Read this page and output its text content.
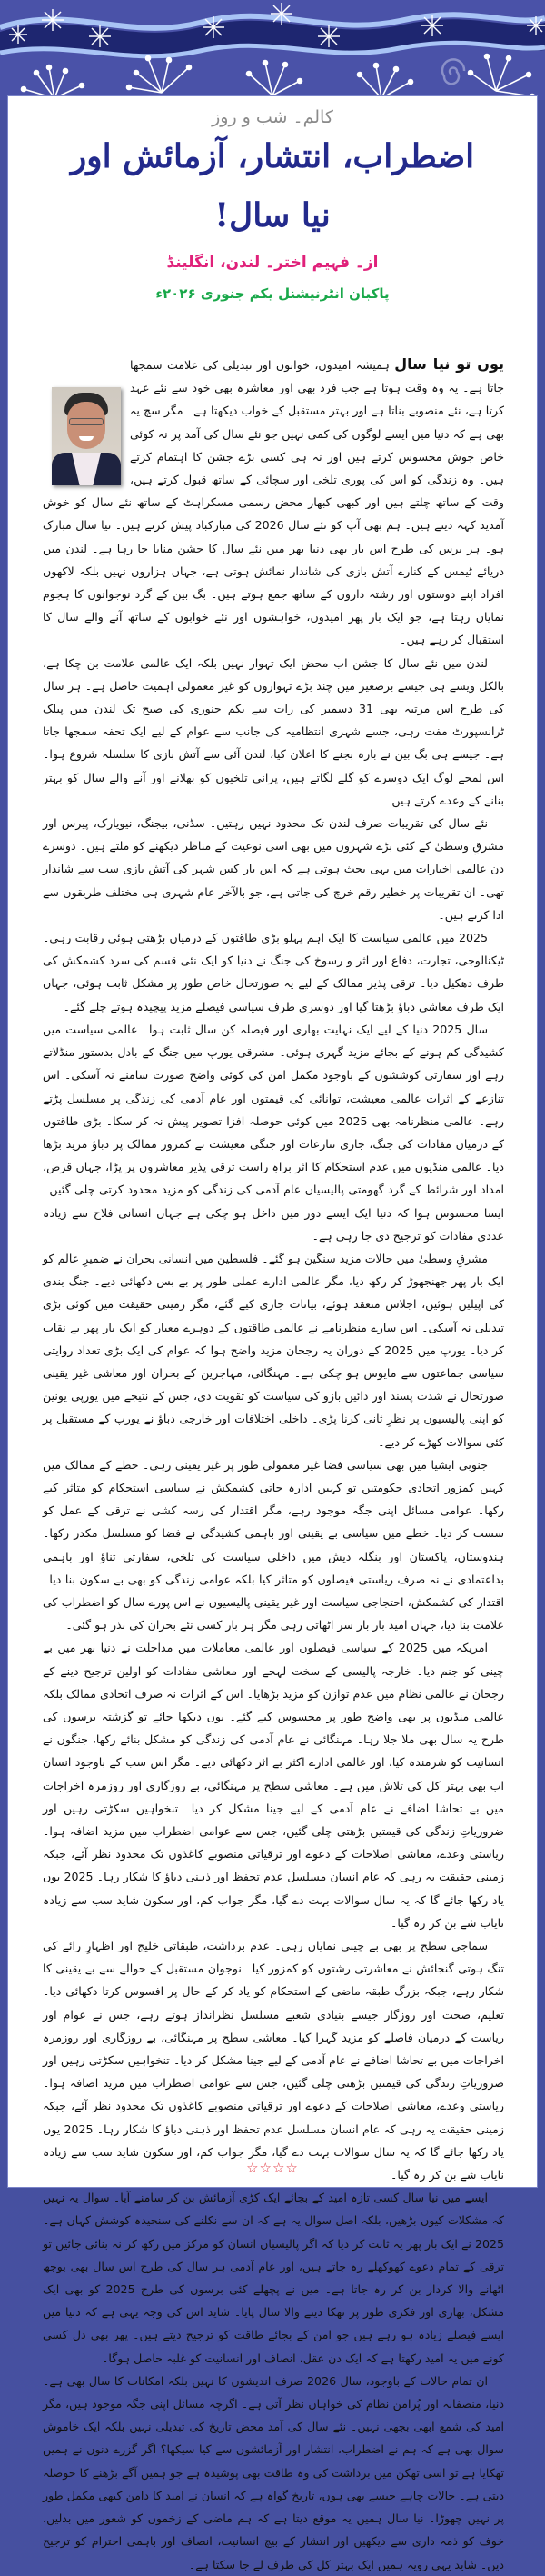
کالم۔ شب و روز
اضطراب، انتشار، آزمائش اور
نیا سال!
از۔ فہیم اختر۔ لندن، انگلینڈ
پاکبان انٹرنیشنل یکم جنوری ۲۰۲۶ء

یوں تو نیا سال ہمیشہ امیدوں، خوابوں اور تبدیلی کی علامت سمجھا جاتا ہے۔ یہ وہ وقت ہوتا ہے جب فرد بھی اور معاشرہ بھی خود سے نئے عہد کرتا ہے، نئے منصوبے بناتا ہے اور بہتر مستقبل کے خواب دیکھتا ہے۔ مگر سچ یہ بھی ہے کہ دنیا میں ایسے لوگوں کی کمی نہیں جو نئے سال کی آمد پر نہ کوئی خاص جوش محسوس کرتے ہیں اور نہ ہی کسی بڑے جشن کا اہتمام کرتے ہیں۔ وہ زندگی کو اس کی پوری تلخی اور سچائی کے ساتھ قبول کرتے ہیں، وقت کے ساتھ چلتے ہیں اور کبھی کبھار محض رسمی مسکراہٹ کے ساتھ نئے سال کو خوش آمدید کہہ دیتے ہیں۔ ہم بھی آپ کو نئے سال 2026 کی مبارکباد پیش کرتے ہیں۔ نیا سال مبارک ہو۔ ہر برس کی طرح اس بار بھی دنیا بھر میں نئے سال کا جشن منایا جا رہا ہے۔ لندن میں دریائے ٹیمس کے کنارے آتش بازی کی شاندار نمائش ہوتی ہے، جہاں ہزاروں نہیں بلکہ لاکھوں افراد اپنے دوستوں اور رشتہ داروں کے ساتھ جمع ہوتے ہیں۔ بگ بین کے گرد نوجوانوں کا ہجوم نمایاں رہتا ہے، جو ایک بار پھر امیدوں، خواہشوں اور نئے خوابوں کے ساتھ آنے والے سال کا استقبال کر رہے ہیں۔

لندن میں نئے سال کا جشن اب محض ایک تہوار نہیں بلکہ ایک عالمی علامت بن چکا ہے، بالکل ویسے ہی جیسے برصغیر میں چند بڑے تہواروں کو غیر معمولی اہمیت حاصل ہے۔ ہر سال کی طرح اس مرتبہ بھی 31 دسمبر کی رات سے یکم جنوری کی صبح تک لندن میں پبلک ٹرانسپورٹ مفت رہی، جسے شہری انتظامیہ کی جانب سے عوام کے لیے ایک تحفہ سمجھا جاتا ہے۔ جیسے ہی بگ بین نے بارہ بجنے کا اعلان کیا، لندن آئی سے آتش بازی کا سلسلہ شروع ہوا۔ اس لمحے لوگ ایک دوسرے کو گلے لگاتے ہیں، پرانی تلخیوں کو بھلانے اور آنے والے سال کو بہتر بنانے کے وعدے کرتے ہیں۔

نئے سال کی تقریبات صرف لندن تک محدود نہیں رہتیں۔ سڈنی، بیجنگ، نیویارک، پیرس اور مشرقِ وسطیٰ کے کئی بڑے شہروں میں بھی اسی نوعیت کے مناظر دیکھنے کو ملتے ہیں۔ دوسرے دن عالمی اخبارات میں یہی بحث ہوتی ہے کہ اس بار کس شہر کی آتش بازی سب سے شاندار تھی۔ ان تقریبات پر خطیر رقم خرچ کی جاتی ہے، جو بالآخر عام شہری ہی مختلف طریقوں سے ادا کرتے ہیں۔

2025 میں عالمی سیاست کا ایک اہم پہلو بڑی طاقتوں کے درمیان بڑھتی ہوئی رقابت رہی۔ ٹیکنالوجی، تجارت، دفاع اور اثر و رسوخ کی جنگ نے دنیا کو ایک نئی قسم کی سرد کشمکش کی طرف دھکیل دیا۔ ترقی پذیر ممالک کے لیے یہ صورتحال خاص طور پر مشکل ثابت ہوئی، جہاں ایک طرف معاشی دباؤ بڑھتا گیا اور دوسری طرف سیاسی فیصلے مزید پیچیدہ ہوتے چلے گئے۔

سال 2025 دنیا کے لیے ایک نہایت بھاری اور فیصلہ کن سال ثابت ہوا۔ عالمی سیاست میں کشیدگی کم ہونے کے بجائے مزید گہری ہوئی۔ مشرقی یورپ میں جنگ کے بادل بدستور منڈلاتے رہے اور سفارتی کوششوں کے باوجود مکمل امن کی کوئی واضح صورت سامنے نہ آسکی۔ اس تنازعے کے اثرات عالمی معیشت، توانائی کی قیمتوں اور عام آدمی کی زندگی پر مسلسل پڑتے رہے۔ عالمی منظرنامہ بھی 2025 میں کوئی حوصلہ افزا تصویر پیش نہ کر سکا۔ بڑی طاقتوں کے درمیان مفادات کی جنگ، جاری تنازعات اور جنگی معیشت نے کمزور ممالک پر دباؤ مزید بڑھا دیا۔ عالمی منڈیوں میں عدم استحکام کا اثر براہِ راست ترقی پذیر معاشروں پر پڑا، جہاں قرض، امداد اور شرائط کے گرد گھومتی پالیسیاں عام آدمی کی زندگی کو مزید محدود کرتی چلی گئیں۔ ایسا محسوس ہوا کہ دنیا ایک ایسے دور میں داخل ہو چکی ہے جہاں انسانی فلاح سے زیادہ عددی مفادات کو ترجیح دی جا رہی ہے۔

مشرقِ وسطیٰ میں حالات مزید سنگین ہو گئے۔ فلسطین میں انسانی بحران نے ضمیرِ عالم کو ایک بار پھر جھنجھوڑ کر رکھ دیا، مگر عالمی ادارے عملی طور پر بے بس دکھائی دیے۔ جنگ بندی کی اپیلیں ہوئیں، اجلاس منعقد ہوئے، بیانات جاری کیے گئے، مگر زمینی حقیقت میں کوئی بڑی تبدیلی نہ آسکی۔ اس سارے منظرنامے نے عالمی طاقتوں کے دوہرے معیار کو ایک بار پھر بے نقاب کر دیا۔ یورپ میں 2025 کے دوران یہ رجحان مزید واضح ہوا کہ عوام کی ایک بڑی تعداد روایتی سیاسی جماعتوں سے مایوس ہو چکی ہے۔ مہنگائی، مہاجرین کے بحران اور معاشی غیر یقینی صورتحال نے شدت پسند اور دائیں بازو کی سیاست کو تقویت دی، جس کے نتیجے میں یورپی یونین کو اپنی پالیسیوں پر نظرِ ثانی کرنا پڑی۔ داخلی اختلافات اور خارجی دباؤ نے یورپ کے مستقبل پر کئی سوالات کھڑے کر دیے۔

جنوبی ایشیا میں بھی سیاسی فضا غیر معمولی طور پر غیر یقینی رہی۔ خطے کے ممالک میں کہیں کمزور اتحادی حکومتیں تو کہیں ادارہ جاتی کشمکش نے سیاسی استحکام کو متاثر کیے رکھا۔ عوامی مسائل اپنی جگہ موجود رہے، مگر اقتدار کی رسہ کشی نے ترقی کے عمل کو سست کر دیا۔ خطے میں سیاسی بے یقینی اور باہمی کشیدگی نے فضا کو مسلسل مکدر رکھا۔ ہندوستان، پاکستان اور بنگلہ دیش میں داخلی سیاست کی تلخی، سفارتی تناؤ اور باہمی بداعتمادی نے نہ صرف ریاستی فیصلوں کو متاثر کیا بلکہ عوامی زندگی کو بھی بے سکون بنا دیا۔ اقتدار کی کشمکش، احتجاجی سیاست اور غیر یقینی پالیسیوں نے اس پورے سال کو اضطراب کی علامت بنا دیا، جہاں امید بار بار سر اٹھاتی رہی مگر ہر بار کسی نئے بحران کی نذر ہو گئی۔

امریکہ میں 2025 کے سیاسی فیصلوں اور عالمی معاملات میں مداخلت نے دنیا بھر میں بے چینی کو جنم دیا۔ خارجہ پالیسی کے سخت لہجے اور معاشی مفادات کو اولین ترجیح دینے کے رجحان نے عالمی نظام میں عدم توازن کو مزید بڑھایا۔ اس کے اثرات نہ صرف اتحادی ممالک بلکہ عالمی منڈیوں پر بھی واضح طور پر محسوس کیے گئے۔ یوں دیکھا جائے تو گزشتہ برسوں کی طرح یہ سال بھی ملا جلا رہا۔ مہنگائی نے عام آدمی کی زندگی کو مشکل بنائے رکھا، جنگوں نے انسانیت کو شرمندہ کیا، اور عالمی ادارے اکثر بے اثر دکھائی دیے۔ مگر اس سب کے باوجود انسان اب بھی بہتر کل کی تلاش میں ہے۔ معاشی سطح پر مہنگائی، بے روزگاری اور روزمرہ اخراجات میں بے تحاشا اضافے نے عام آدمی کے لیے جینا مشکل کر دیا۔ تنخواہیں سکڑتی رہیں اور ضروریاتِ زندگی کی قیمتیں بڑھتی چلی گئیں، جس سے عوامی اضطراب میں مزید اضافہ ہوا۔ ریاستی وعدے، معاشی اصلاحات کے دعوے اور ترقیاتی منصوبے کاغذوں تک محدود نظر آئے، جبکہ زمینی حقیقت یہ رہی کہ عام انسان مسلسل عدم تحفظ اور ذہنی دباؤ کا شکار رہا۔ 2025 یوں یاد رکھا جائے گا کہ یہ سال سوالات بہت دے گیا، مگر جواب کم، اور سکون شاید سب سے زیادہ نایاب شے بن کر رہ گیا۔

سماجی سطح پر بھی بے چینی نمایاں رہی۔ عدم برداشت، طبقاتی خلیج اور اظہارِ رائے کی تنگ ہوتی گنجائش نے معاشرتی رشتوں کو کمزور کیا۔ نوجوان مستقبل کے حوالے سے بے یقینی کا شکار رہے، جبکہ بزرگ طبقہ ماضی کے استحکام کو یاد کر کے حال پر افسوس کرتا دکھائی دیا۔ تعلیم، صحت اور روزگار جیسے بنیادی شعبے مسلسل نظرانداز ہوتے رہے، جس نے عوام اور ریاست کے درمیان فاصلے کو مزید گہرا کیا۔ معاشی سطح پر مہنگائی، بے روزگاری اور روزمرہ اخراجات میں بے تحاشا اضافے نے عام آدمی کے لیے جینا مشکل کر دیا۔ تنخواہیں سکڑتی رہیں اور ضروریاتِ زندگی کی قیمتیں بڑھتی چلی گئیں، جس سے عوامی اضطراب میں مزید اضافہ ہوا۔ ریاستی وعدے، معاشی اصلاحات کے دعوے اور ترقیاتی منصوبے کاغذوں تک محدود نظر آئے، جبکہ زمینی حقیقت یہ رہی کہ عام انسان مسلسل عدم تحفظ اور ذہنی دباؤ کا شکار رہا۔ 2025 یوں یاد رکھا جائے گا کہ یہ سال سوالات بہت دے گیا، مگر جواب کم، اور سکون شاید سب سے زیادہ نایاب شے بن کر رہ گیا۔

ایسے میں نیا سال کسی تازہ امید کے بجائے ایک کڑی آزمائش بن کر سامنے آیا۔ سوال یہ نہیں کہ مشکلات کیوں بڑھیں، بلکہ اصل سوال یہ ہے کہ ان سے نکلنے کی سنجیدہ کوشش کہاں ہے۔ 2025 نے ایک بار پھر یہ ثابت کر دیا کہ اگر پالیسیاں انسان کو مرکز میں رکھ کر نہ بنائی جائیں تو ترقی کے تمام دعوے کھوکھلے رہ جاتے ہیں، اور عام آدمی ہر سال کی طرح اس سال بھی بوجھ اٹھانے والا کردار بن کر رہ جاتا ہے۔ میں نے پچھلے کئی برسوں کی طرح 2025 کو بھی ایک مشکل، بھاری اور فکری طور پر تھکا دینے والا سال پایا۔ شاید اس کی وجہ یہی ہے کہ دنیا میں ایسے فیصلے زیادہ ہو رہے ہیں جو امن کے بجائے طاقت کو ترجیح دیتے ہیں۔ پھر بھی دل کسی کونے میں یہ امید رکھتا ہے کہ ایک دن عقل، انصاف اور انسانیت کو غلبہ حاصل ہوگا۔

ان تمام حالات کے باوجود، سال 2026 صرف اندیشوں کا نہیں بلکہ امکانات کا سال بھی ہے۔ دنیا، منصفانہ اور پُرامن نظام کی خواہاں نظر آتی ہے۔ اگرچہ مسائل اپنی جگہ موجود ہیں، مگر امید کی شمع ابھی بجھی نہیں۔ نئے سال کی آمد محض تاریخ کی تبدیلی نہیں بلکہ ایک خاموش سوال بھی ہے کہ ہم نے اضطراب، انتشار اور آزمائشوں سے کیا سیکھا؟ اگر گزرے دنوں نے ہمیں تھکایا ہے تو اسی تھکن میں برداشت کی وہ طاقت بھی پوشیدہ ہے جو ہمیں آگے بڑھنے کا حوصلہ دیتی ہے۔ حالات چاہے جیسے بھی ہوں، تاریخ گواہ ہے کہ انسان نے امید کا دامن کبھی مکمل طور پر نہیں چھوڑا۔ نیا سال ہمیں یہ موقع دیتا ہے کہ ہم ماضی کے زخموں کو شعور میں بدلیں، خوف کو ذمہ داری سے دیکھیں اور انتشار کے بیچ انسانیت، انصاف اور باہمی احترام کو ترجیح دیں۔ شاید یہی رویہ ہمیں ایک بہتر کل کی طرف لے جا سکتا ہے۔

☆☆☆☆
